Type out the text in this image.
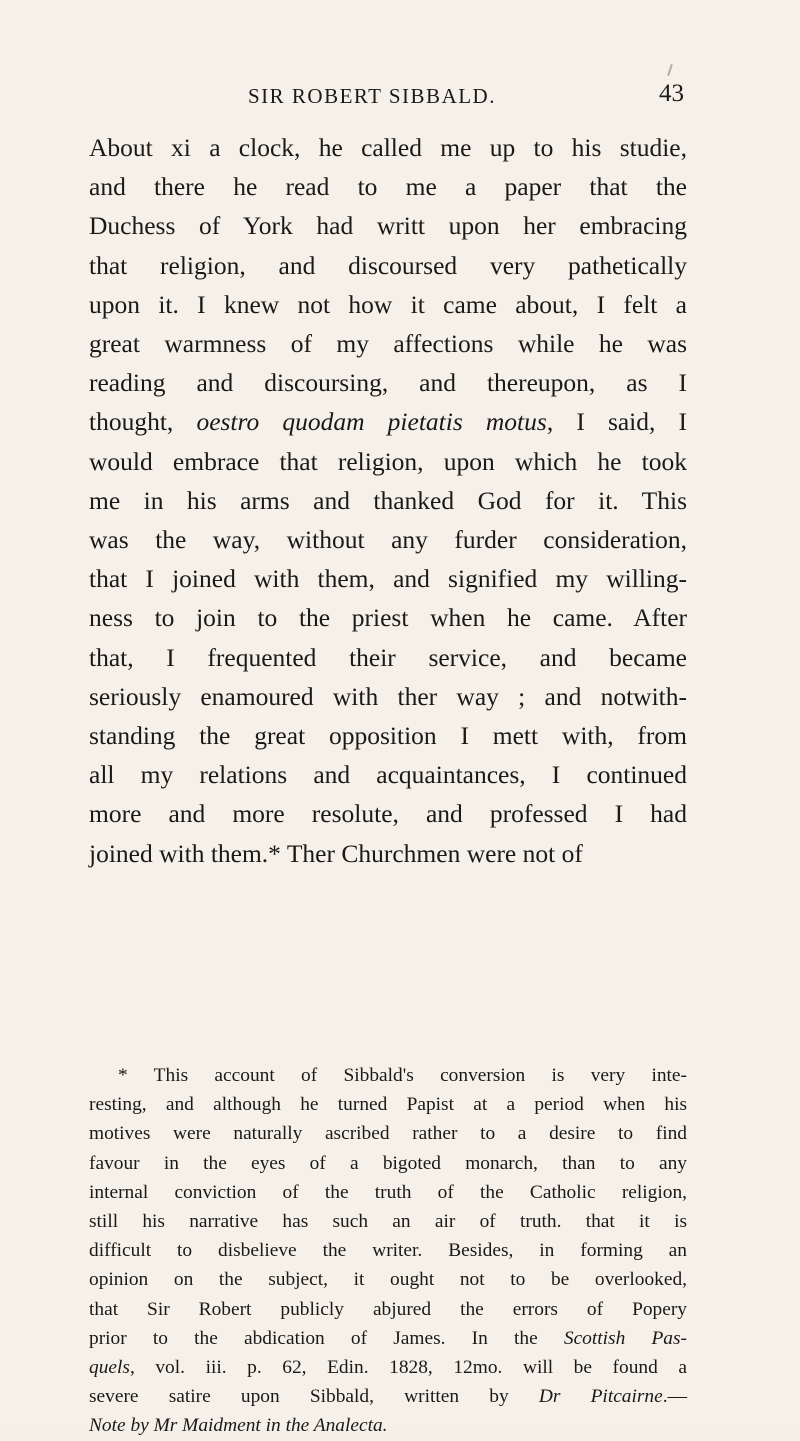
SIR ROBERT SIBBALD.	43

About xi a clock, he called me up to his studie,
and there he read to me a paper that the
Duchess of York had writt upon her embracing
that religion, and discoursed very pathetically
upon it. I knew not how it came about, I felt a
great warmness of my affections while he was
reading and discoursing, and thereupon, as I
thought, oestro quodam pietatis motus, I said, I
would embrace that religion, upon which he took
me in his arms and thanked God for it. This
was the way, without any furder consideration,
that I joined with them, and signified my willing-
ness to join to the priest when he came. After
that, I frequented their service, and became
seriously enamoured with ther way ; and notwith-
standing the great opposition I mett with, from
all my relations and acquaintances, I continued
more and more resolute, and professed I had
joined with them.* Ther Churchmen were not of

* This account of Sibbald's conversion is very inte-
resting, and although he turned Papist at a period when his
motives were naturally ascribed rather to a desire to find
favour in the eyes of a bigoted monarch, than to any
internal conviction of the truth of the Catholic religion,
still his narrative has such an air of truth. that it is
difficult to disbelieve the writer. Besides, in forming an
opinion on the subject, it ought not to be overlooked,
that Sir Robert publicly abjured the errors of Popery
prior to the abdication of James. In the Scottish Pas-
quels, vol. iii. p. 62, Edin. 1828, 12mo. will be found a
severe satire upon Sibbald, written by Dr Pitcairne.—
Note by Mr Maidment in the Analecta.
